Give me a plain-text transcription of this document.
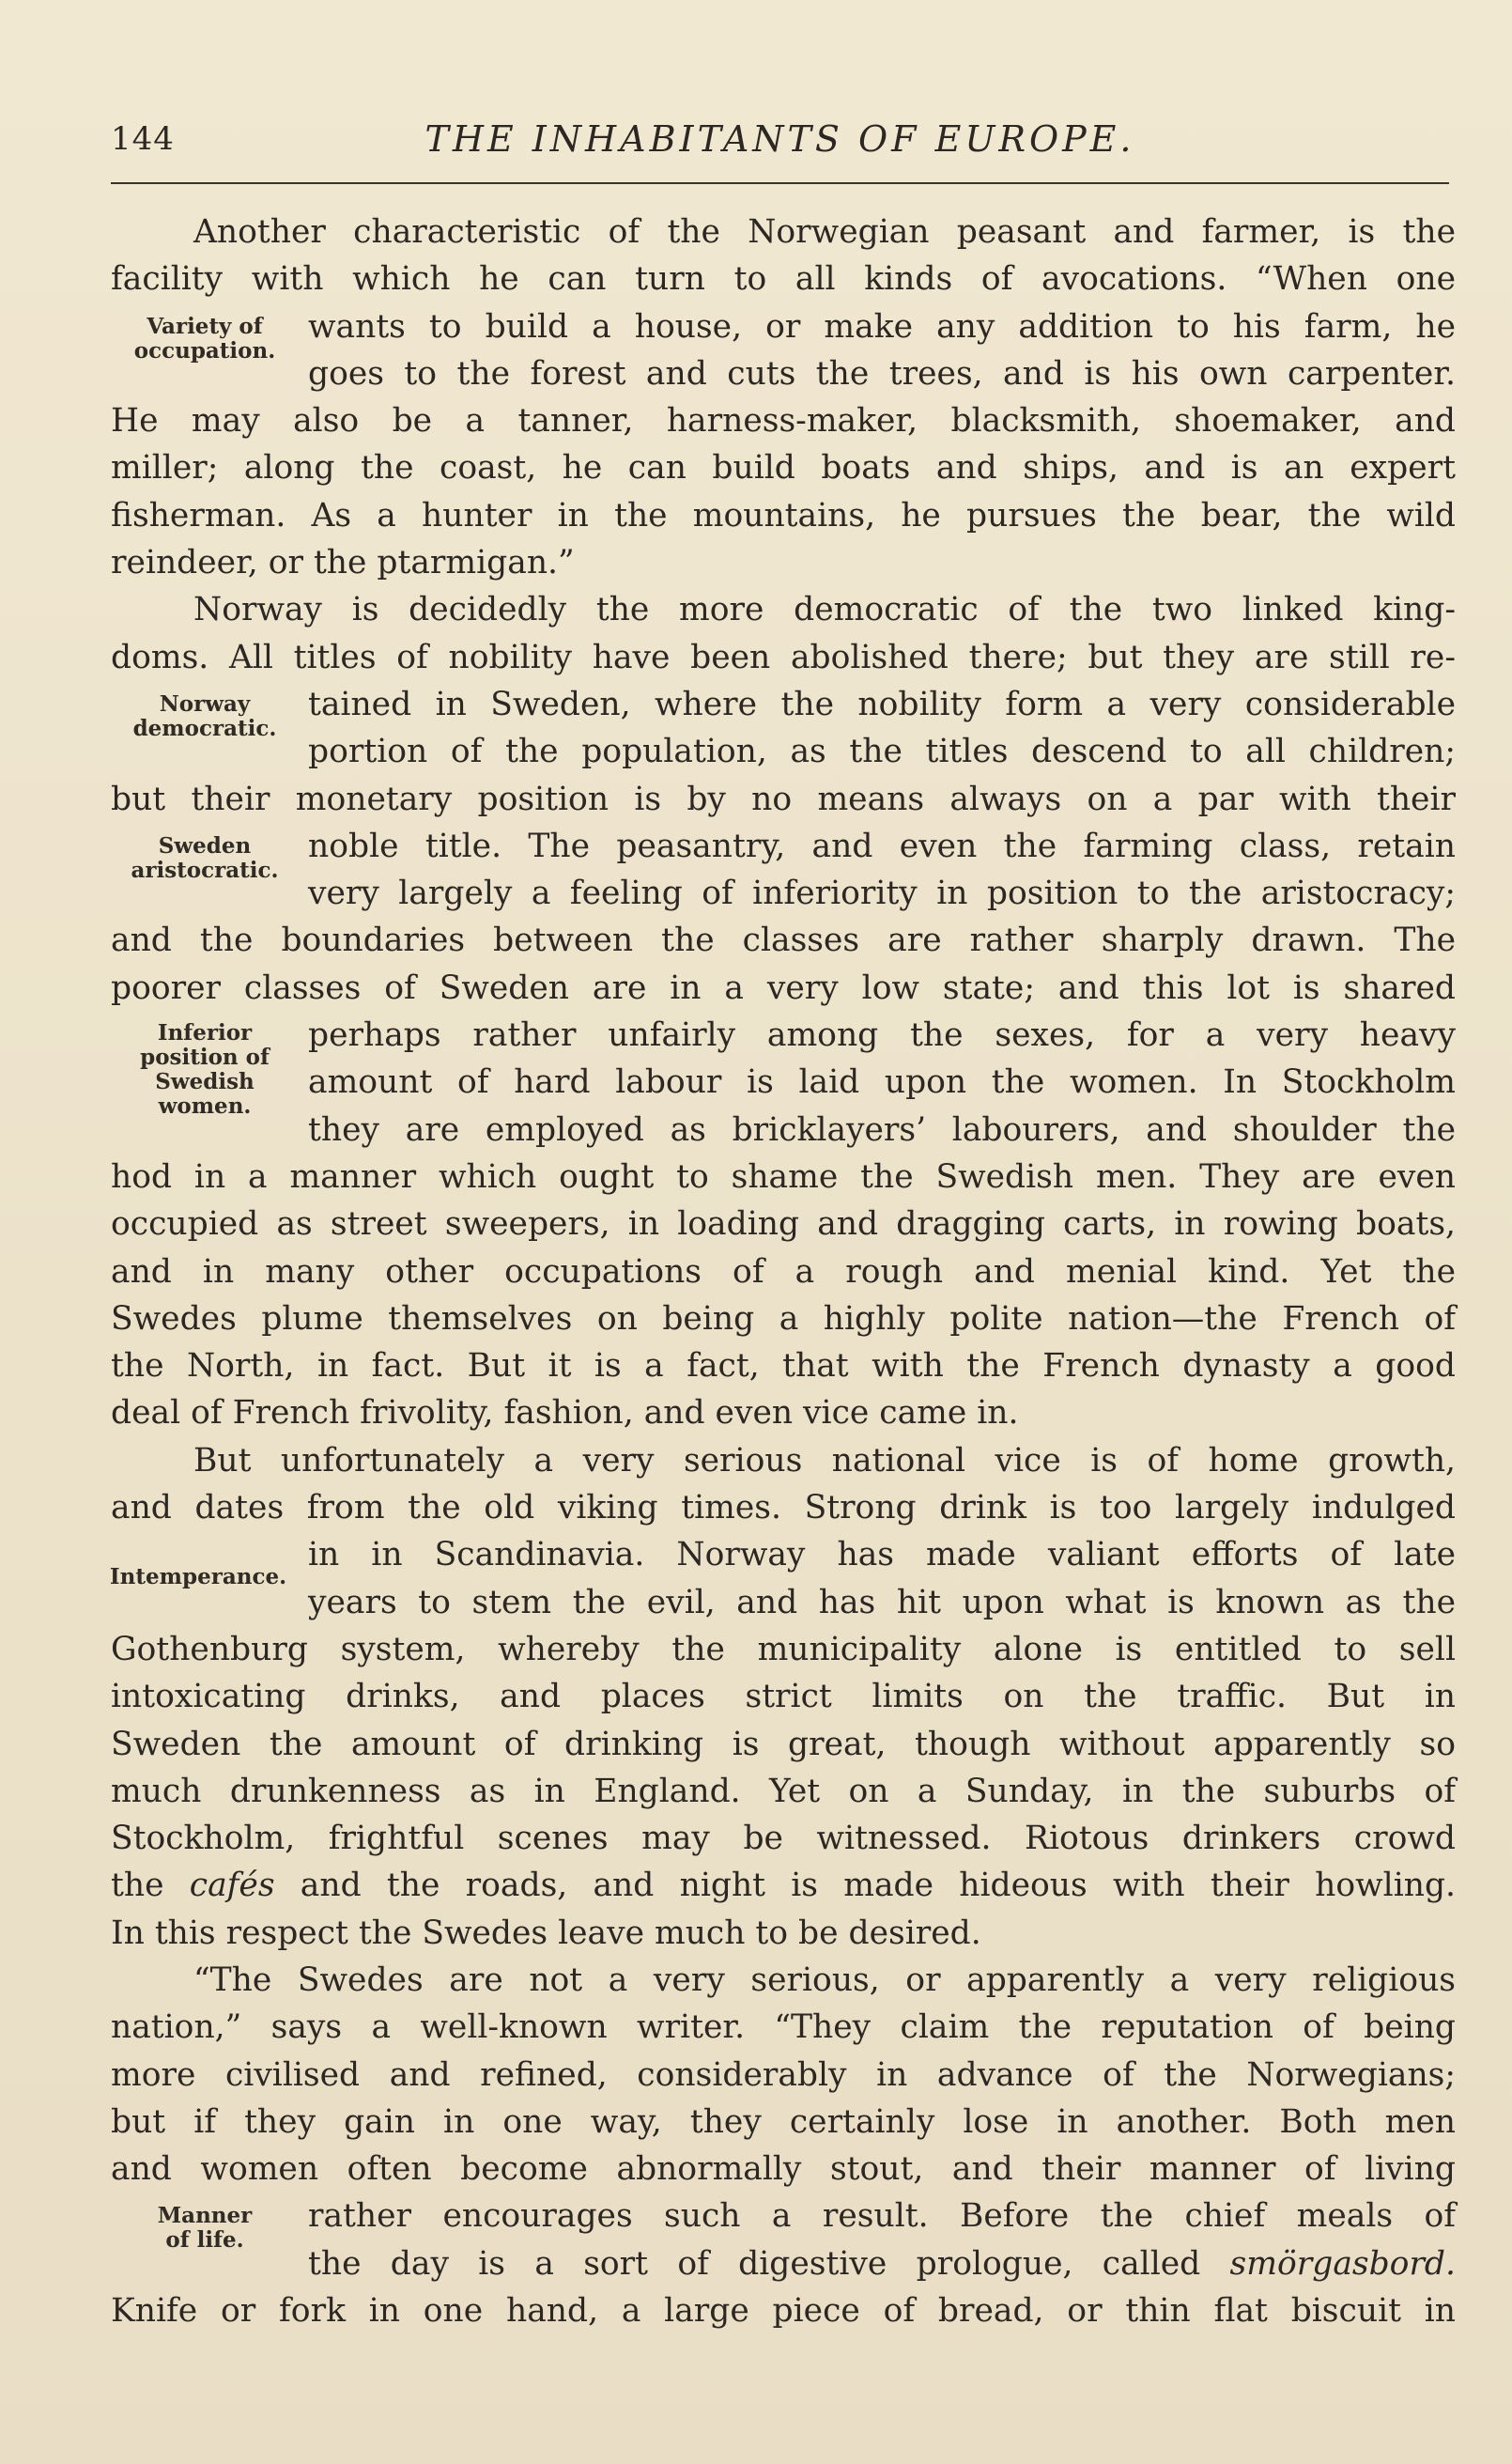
144	THE INHABITANTS OF EUROPE.
Another characteristic of the Norwegian peasant and farmer, is the
facility with which he can turn to all kinds of avocations. “When one
Variety of
occupation.
wants to build a house, or make any addition to his farm, he
goes to the forest and cuts the trees, and is his own carpenter.
He may also be a tanner, harness-maker, blacksmith, shoemaker, and
miller; along the coast, he can build boats and ships, and is an expert
fisherman. As a hunter in the mountains, he pursues the bear, the wild
reindeer, or the ptarmigan.”
Norway is decidedly the more democratic of the two linked king-
doms. All titles of nobility have been abolished there; but they are still re-
Norway
democratic.
tained in Sweden, where the nobility form a very considerable
portion of the population, as the titles descend to all children;
but their monetary position is by no means always on a par with their
Sweden
aristocratic.
noble title. The peasantry, and even the farming class, retain
very largely a feeling of inferiority in position to the aristocracy;
and the boundaries between the classes are rather sharply drawn. The
poorer classes of Sweden are in a very low state; and this lot is shared
Inferior
position of
Swedish
women.
perhaps rather unfairly among the sexes, for a very heavy
amount of hard labour is laid upon the women. In Stockholm
they are employed as bricklayers’ labourers, and shoulder the
hod in a manner which ought to shame the Swedish men. They are even
occupied as street sweepers, in loading and dragging carts, in rowing boats,
and in many other occupations of a rough and menial kind. Yet the
Swedes plume themselves on being a highly polite nation—the French of
the North, in fact. But it is a fact, that with the French dynasty a good
deal of French frivolity, fashion, and even vice came in.
But unfortunately a very serious national vice is of home growth,
and dates from the old viking times. Strong drink is too largely indulged
Intemperance.
in in Scandinavia. Norway has made valiant efforts of late
years to stem the evil, and has hit upon what is known as the
Gothenburg system, whereby the municipality alone is entitled to sell
intoxicating drinks, and places strict limits on the traffic. But in
Sweden the amount of drinking is great, though without apparently so
much drunkenness as in England. Yet on a Sunday, in the suburbs of
Stockholm, frightful scenes may be witnessed. Riotous drinkers crowd
the cafés and the roads, and night is made hideous with their howling.
In this respect the Swedes leave much to be desired.
“The Swedes are not a very serious, or apparently a very religious
nation,” says a well-known writer. “They claim the reputation of being
more civilised and refined, considerably in advance of the Norwegians;
but if they gain in one way, they certainly lose in another. Both men
and women often become abnormally stout, and their manner of living
Manner
of life.
rather encourages such a result. Before the chief meals of
the day is a sort of digestive prologue, called smörgasbord.
Knife or fork in one hand, a large piece of bread, or thin flat biscuit in
